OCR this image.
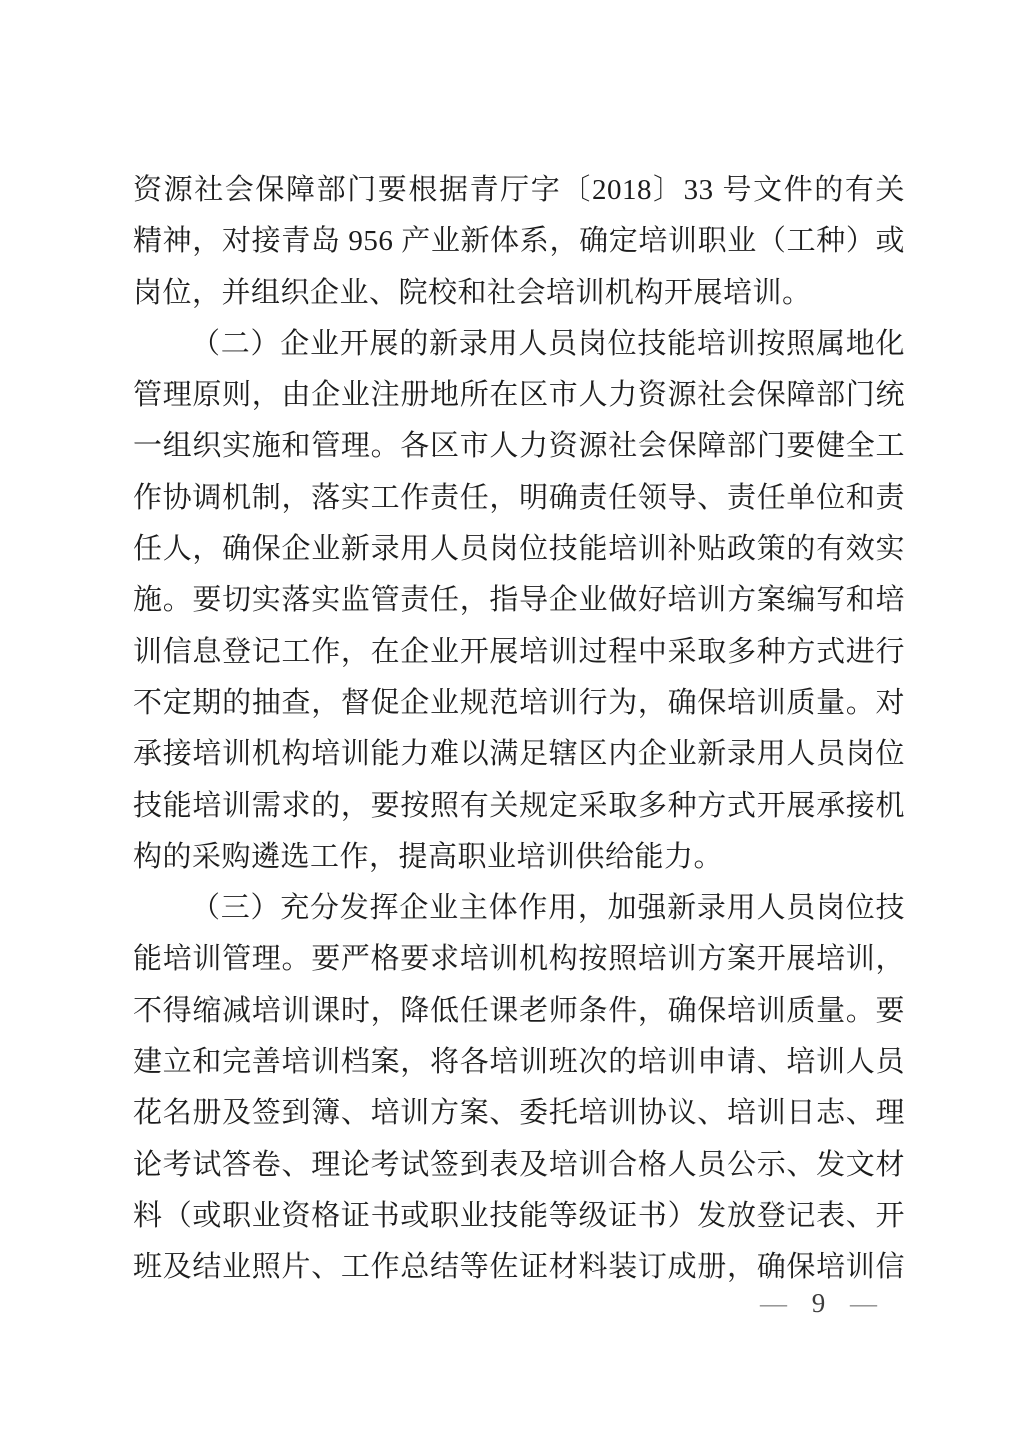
资源社会保障部门要根据青厅字〔2018〕33 号文件的有关
精神，对接青岛 956 产业新体系，确定培训职业（工种）或
岗位，并组织企业、院校和社会培训机构开展培训。
（二）企业开展的新录用人员岗位技能培训按照属地化
管理原则，由企业注册地所在区市人力资源社会保障部门统
一组织实施和管理。各区市人力资源社会保障部门要健全工
作协调机制，落实工作责任，明确责任领导、责任单位和责
任人，确保企业新录用人员岗位技能培训补贴政策的有效实
施。要切实落实监管责任，指导企业做好培训方案编写和培
训信息登记工作，在企业开展培训过程中采取多种方式进行
不定期的抽查，督促企业规范培训行为，确保培训质量。对
承接培训机构培训能力难以满足辖区内企业新录用人员岗位
技能培训需求的，要按照有关规定采取多种方式开展承接机
构的采购遴选工作，提高职业培训供给能力。
（三）充分发挥企业主体作用，加强新录用人员岗位技
能培训管理。要严格要求培训机构按照培训方案开展培训，
不得缩减培训课时，降低任课老师条件，确保培训质量。要
建立和完善培训档案，将各培训班次的培训申请、培训人员
花名册及签到簿、培训方案、委托培训协议、培训日志、理
论考试答卷、理论考试签到表及培训合格人员公示、发文材
料（或职业资格证书或职业技能等级证书）发放登记表、开
班及结业照片、工作总结等佐证材料装订成册，确保培训信
— 9 —
